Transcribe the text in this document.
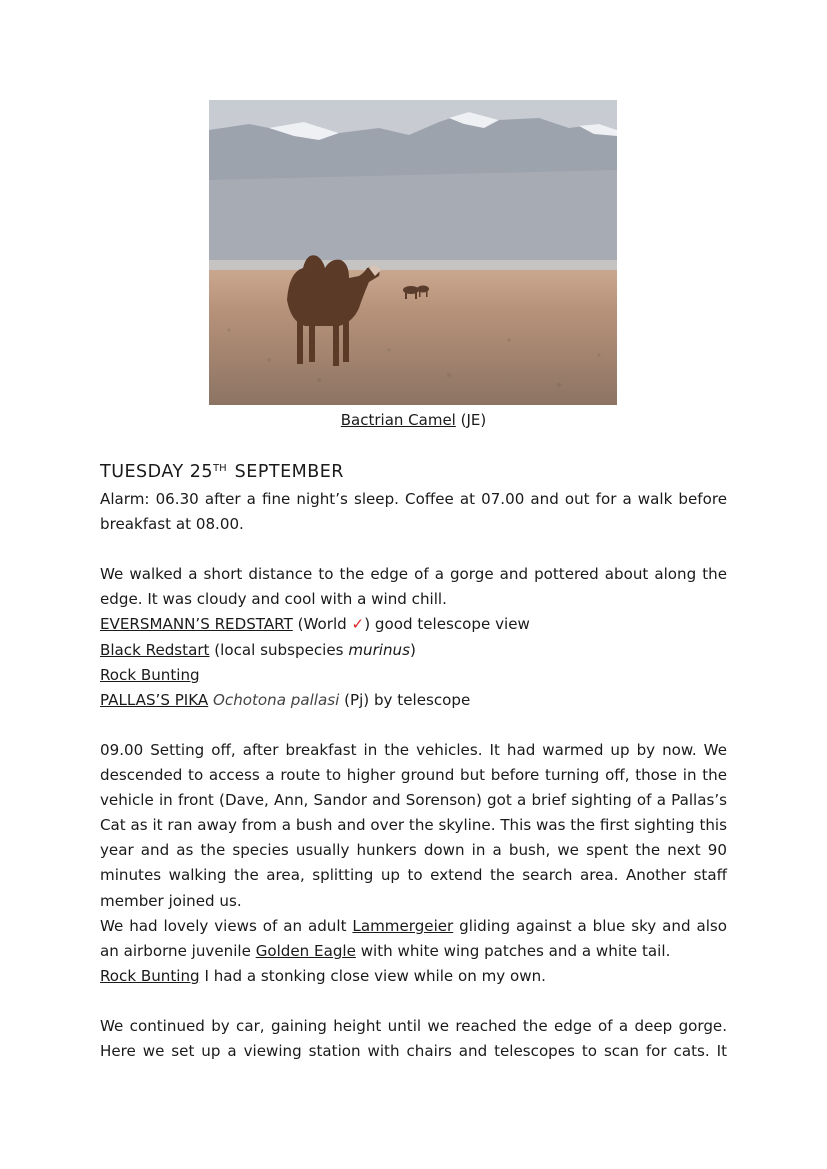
Bactrian Camel (JE)
TUESDAY 25TH SEPTEMBER

Alarm: 06.30 after a fine night’s sleep. Coffee at 07.00 and out for a walk before breakfast at 08.00.

We walked a short distance to the edge of a gorge and pottered about along the edge. It was cloudy and cool with a wind chill.

EVERSMANN’S REDSTART (World ✓) good telescope view

Black Redstart (local subspecies murinus)

Rock Bunting

PALLAS’S PIKA Ochotona pallasi (Pj) by telescope

09.00 Setting off, after breakfast in the vehicles. It had warmed up by now. We descended to access a route to higher ground but before turning off, those in the vehicle in front (Dave, Ann, Sandor and Sorenson) got a brief sighting of a Pallas’s Cat as it ran away from a bush and over the skyline. This was the first sighting this year and as the species usually hunkers down in a bush, we spent the next 90 minutes walking the area, splitting up to extend the search area. Another staff member joined us.

We had lovely views of an adult Lammergeier gliding against a blue sky and also an airborne juvenile Golden Eagle with white wing patches and a white tail.

Rock Bunting I had a stonking close view while on my own.

We continued by car, gaining height until we reached the edge of a deep gorge. Here we set up a viewing station with chairs and telescopes to scan for cats. It
